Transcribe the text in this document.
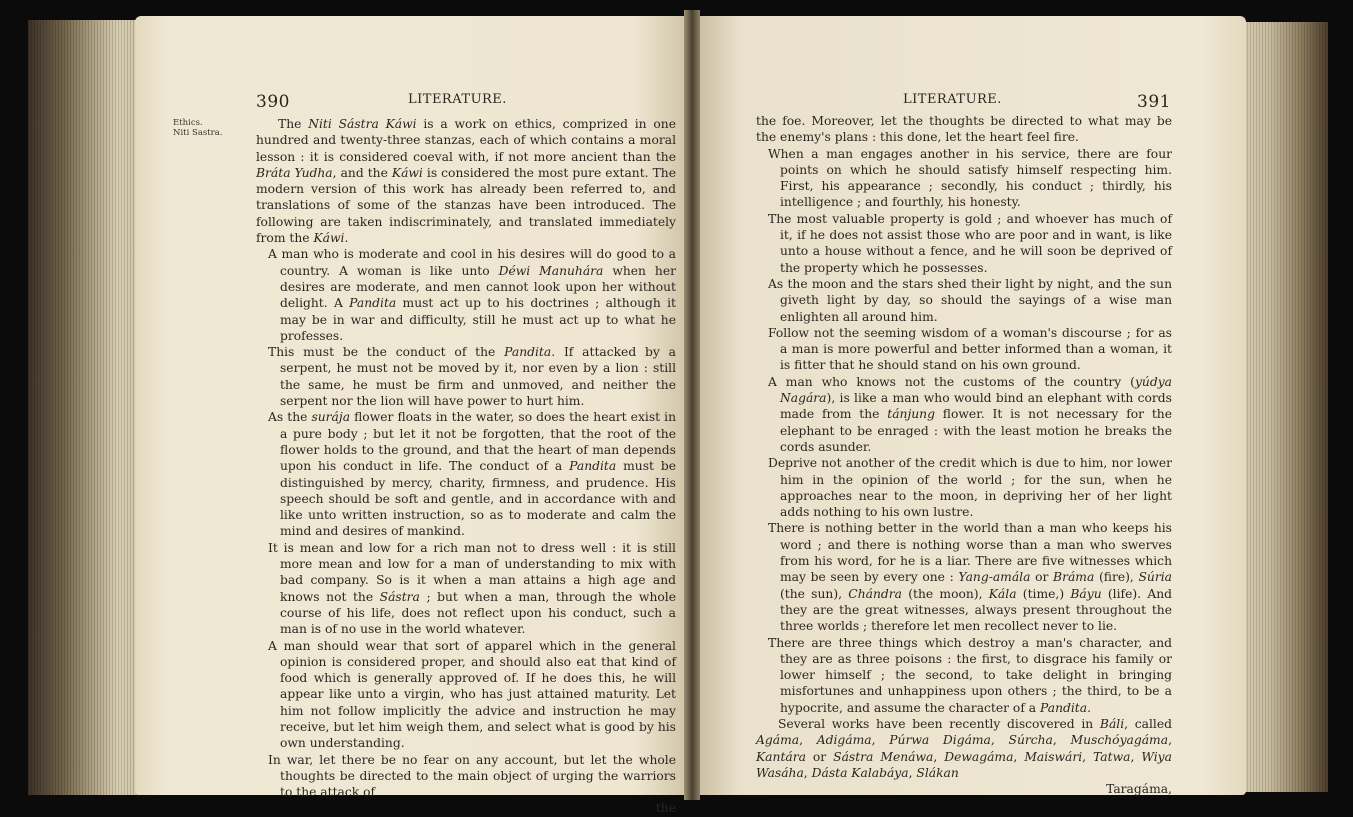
390	LITERATURE.	LITERATURE.	391
Ethics.
Niti Sastra.

The Niti Sástra Káwi is a work on ethics, comprized in one hundred and twenty-three stanzas, each of which contains a moral lesson : it is considered coeval with, if not more ancient than the Bráta Yudha, and the Káwi is considered the most pure extant. The modern version of this work has already been referred to, and translations of some of the stanzas have been introduced. The following are taken indiscriminately, and translated immediately from the Káwi.

A man who is moderate and cool in his desires will do good to a country. A woman is like unto Déwi Manuhára when her desires are moderate, and men cannot look upon her without delight. A Pandita must act up to his doctrines ; although it may be in war and difficulty, still he must act up to what he professes.

This must be the conduct of the Pandita. If attacked by a serpent, he must not be moved by it, nor even by a lion : still the same, he must be firm and unmoved, and neither the serpent nor the lion will have power to hurt him.

As the surája flower floats in the water, so does the heart exist in a pure body ; but let it not be forgotten, that the root of the flower holds to the ground, and that the heart of man depends upon his conduct in life. The conduct of a Pandita must be distinguished by mercy, charity, firmness, and prudence. His speech should be soft and gentle, and in accordance with and like unto written instruction, so as to moderate and calm the mind and desires of mankind.

It is mean and low for a rich man not to dress well : it is still more mean and low for a man of understanding to mix with bad company. So is it when a man attains a high age and knows not the Sástra ; but when a man, through the whole course of his life, does not reflect upon his conduct, such a man is of no use in the world whatever.

A man should wear that sort of apparel which in the general opinion is considered proper, and should also eat that kind of food which is generally approved of. If he does this, he will appear like unto a virgin, who has just attained maturity. Let him not follow implicitly the advice and instruction he may receive, but let him weigh them, and select what is good by his own understanding.

In war, let there be no fear on any account, but let the whole thoughts be directed to the main object of urging the warriors to the attack of

the

the foe. Moreover, let the thoughts be directed to what may be the enemy's plans : this done, let the heart feel fire.

When a man engages another in his service, there are four points on which he should satisfy himself respecting him. First, his appearance ; secondly, his conduct ; thirdly, his intelligence ; and fourthly, his honesty.

The most valuable property is gold ; and whoever has much of it, if he does not assist those who are poor and in want, is like unto a house without a fence, and he will soon be deprived of the property which he possesses.

As the moon and the stars shed their light by night, and the sun giveth light by day, so should the sayings of a wise man enlighten all around him.

Follow not the seeming wisdom of a woman's discourse ; for as a man is more powerful and better informed than a woman, it is fitter that he should stand on his own ground.

A man who knows not the customs of the country (yúdya Nagára), is like a man who would bind an elephant with cords made from the tánjung flower. It is not necessary for the elephant to be enraged : with the least motion he breaks the cords asunder.

Deprive not another of the credit which is due to him, nor lower him in the opinion of the world ; for the sun, when he approaches near to the moon, in depriving her of her light adds nothing to his own lustre.

There is nothing better in the world than a man who keeps his word ; and there is nothing worse than a man who swerves from his word, for he is a liar. There are five witnesses which may be seen by every one : Yang-amála or Bráma (fire), Súria (the sun), Chándra (the moon), Kála (time,) Báyu (life). And they are the great witnesses, always present throughout the three worlds ; therefore let men recollect never to lie.

There are three things which destroy a man's character, and they are as three poisons : the first, to disgrace his family or lower himself ; the second, to take delight in bringing misfortunes and unhappiness upon others ; the third, to be a hypocrite, and assume the character of a Pandita.

Several works have been recently discovered in Báli, called Agáma, Adigáma, Púrwa Digáma, Súrcha, Muschóyagáma, Kantára or Sástra Menáwa, Dewagáma, Maiswári, Tatwa, Wiya Wasáha, Dásta Kalabáya, Slákan

Taragáma,
